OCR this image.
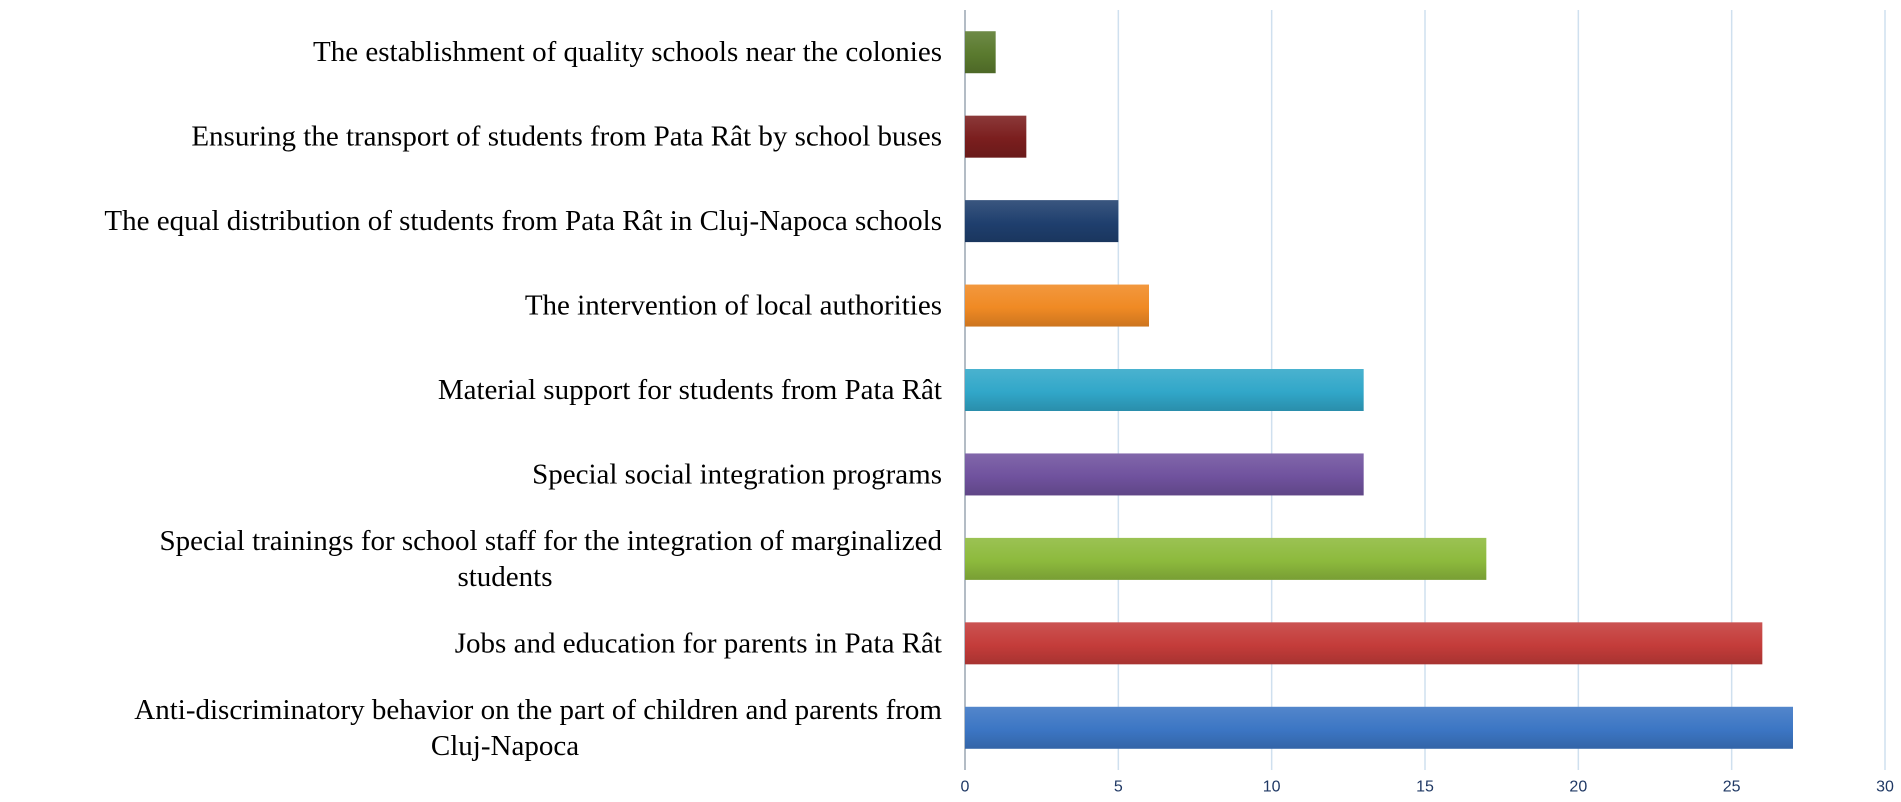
The establishment of quality schools near the colonies
Ensuring the transport of students from Pata Rât by school buses
The equal distribution of students from Pata Rât in Cluj-Napoca schools
The intervention of local authorities
Material support for students from Pata Rât
Special social integration programs
Special trainings for school staff for the integration of marginalized
students
Jobs and education for parents in Pata Rât
Anti-discriminatory behavior on the part of children and parents from
Cluj-Napoca
0	5	10	15	20	25	30
